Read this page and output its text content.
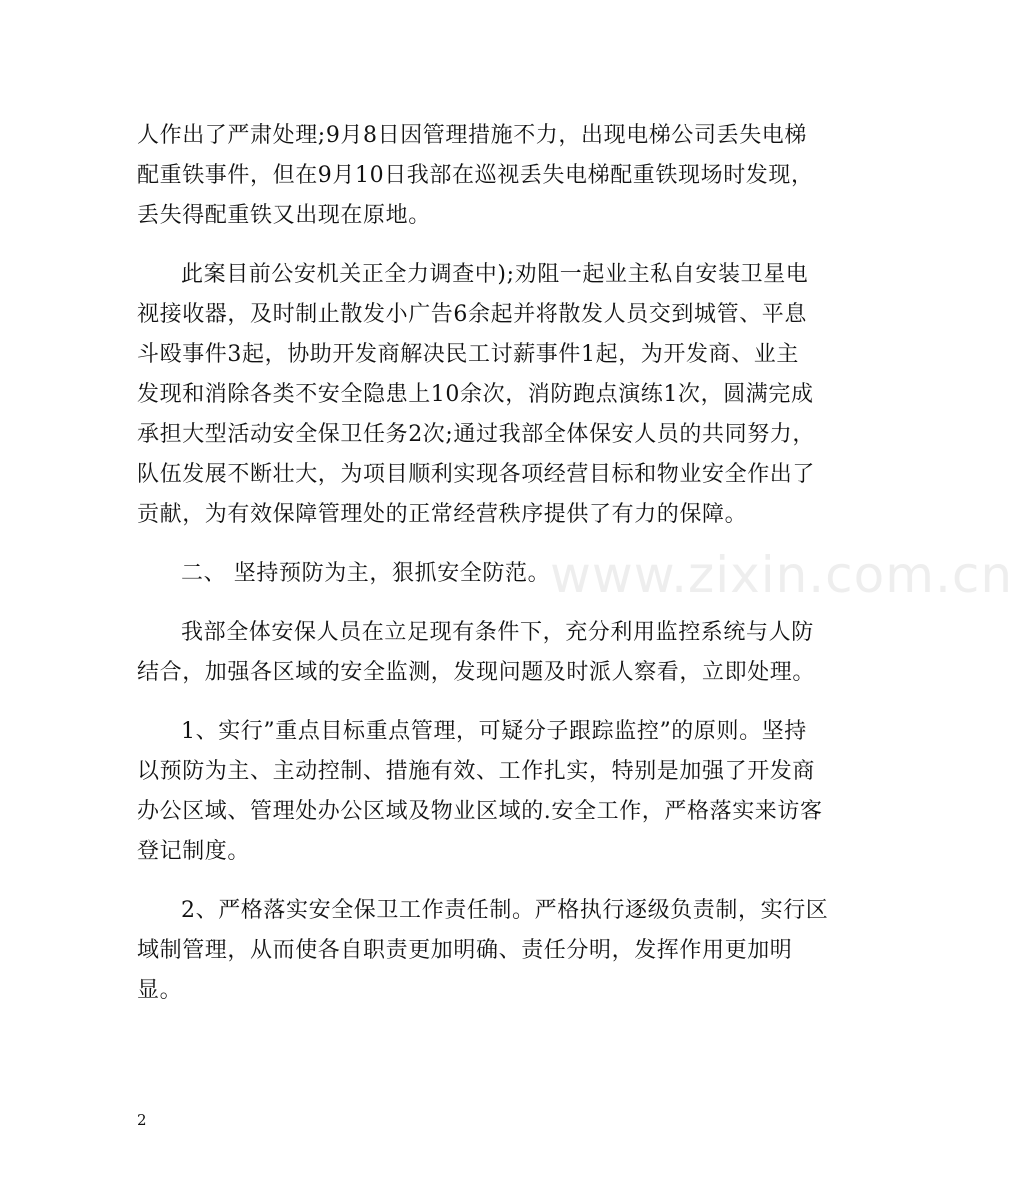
www.zixin.com.cn

人作出了严肃处理;9月8日因管理措施不力，出现电梯公司丢失电梯
配重铁事件，但在9月10日我部在巡视丢失电梯配重铁现场时发现，
丢失得配重铁又出现在原地。

此案目前公安机关正全力调查中);劝阻一起业主私自安装卫星电
视接收器，及时制止散发小广告6余起并将散发人员交到城管、平息
斗殴事件3起，协助开发商解决民工讨薪事件1起，为开发商、业主
发现和消除各类不安全隐患上10余次，消防跑点演练1次，圆满完成
承担大型活动安全保卫任务2次;通过我部全体保安人员的共同努力，
队伍发展不断壮大，为项目顺利实现各项经营目标和物业安全作出了
贡献，为有效保障管理处的正常经营秩序提供了有力的保障。

二、 坚持预防为主，狠抓安全防范。

我部全体安保人员在立足现有条件下，充分利用监控系统与人防
结合，加强各区域的安全监测，发现问题及时派人察看，立即处理。

1、实行”重点目标重点管理，可疑分子跟踪监控”的原则。坚持
以预防为主、主动控制、措施有效、工作扎实，特别是加强了开发商
办公区域、管理处办公区域及物业区域的.安全工作，严格落实来访客
登记制度。

2、严格落实安全保卫工作责任制。严格执行逐级负责制，实行区
域制管理，从而使各自职责更加明确、责任分明，发挥作用更加明
显。

2
